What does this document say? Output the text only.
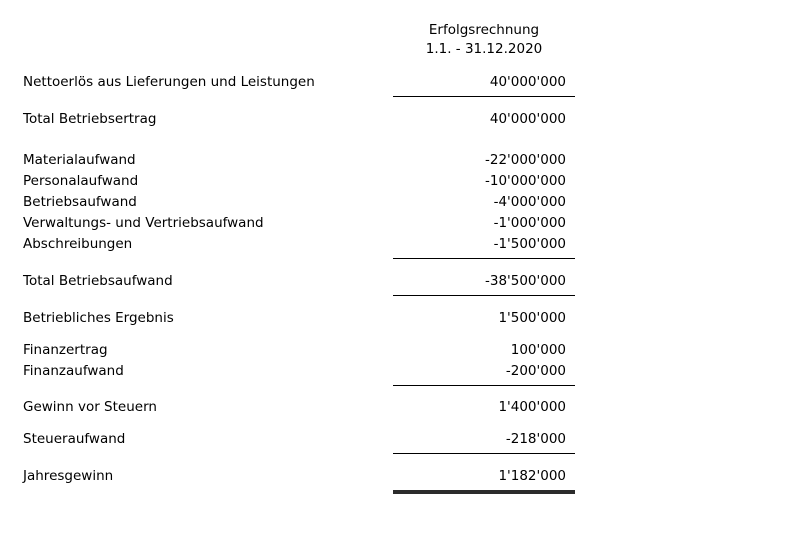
Erfolgsrechnung
1.1. - 31.12.2020
Nettoerlös aus Lieferungen und Leistungen	40'000'000
Total Betriebsertrag	40'000'000
Materialaufwand	-22'000'000
Personalaufwand	-10'000'000
Betriebsaufwand	-4'000'000
Verwaltungs- und Vertriebsaufwand	-1'000'000
Abschreibungen	-1'500'000
Total Betriebsaufwand	-38'500'000
Betriebliches Ergebnis	1'500'000
Finanzertrag	100'000
Finanzaufwand	-200'000
Gewinn vor Steuern	1'400'000
Steueraufwand	-218'000
Jahresgewinn	1'182'000
